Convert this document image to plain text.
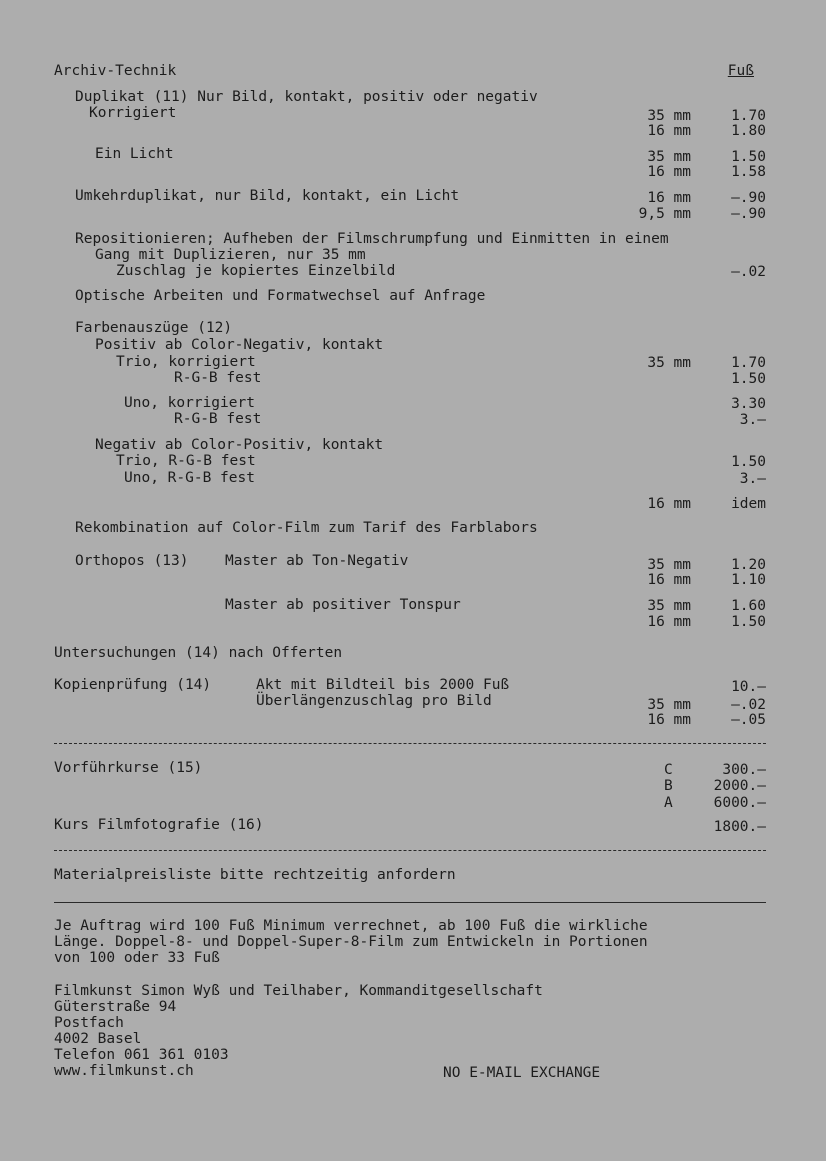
Archiv-Technik	Fuß
Duplikat (11) Nur Bild, kontakt, positiv oder negativ
Korrigiert	35 mm	1.70
16 mm	1.80
Ein Licht	35 mm	1.50
16 mm	1.58
Umkehrduplikat, nur Bild, kontakt, ein Licht	16 mm	—.90
9,5 mm	—.90
Repositionieren; Aufheben der Filmschrumpfung und Einmitten in einem
Gang mit Duplizieren, nur 35 mm
Zuschlag je kopiertes Einzelbild	—.02
Optische Arbeiten und Formatwechsel auf Anfrage
Farbenauszüge (12)
Positiv ab Color-Negativ, kontakt
Trio, korrigiert	35 mm	1.70
R-G-B fest	1.50
Uno, korrigiert	3.30
R-G-B fest	3.—
Negativ ab Color-Positiv, kontakt
Trio, R-G-B fest	1.50
Uno, R-G-B fest	3.—
16 mm	idem
Rekombination auf Color-Film zum Tarif des Farblabors
Orthopos (13)	Master ab Ton-Negativ	35 mm	1.20
16 mm	1.10
Master ab positiver Tonspur	35 mm	1.60
16 mm	1.50
Untersuchungen (14) nach Offerten
Kopienprüfung (14)	Akt mit Bildteil bis 2000 Fuß	10.—
Überlängenzuschlag pro Bild	35 mm	—.02
16 mm	—.05
Vorführkurse (15)	C	300.—
B	2000.—
A	6000.—
Kurs Filmfotografie (16)	1800.—
Materialpreisliste bitte rechtzeitig anfordern
Je Auftrag wird 100 Fuß Minimum verrechnet, ab 100 Fuß die wirkliche
Länge. Doppel-8- und Doppel-Super-8-Film zum Entwickeln in Portionen
von 100 oder 33 Fuß
Filmkunst Simon Wyß und Teilhaber, Kommanditgesellschaft
Güterstraße 94
Postfach
4002 Basel
Telefon 061 361 0103
www.filmkunst.ch	NO E-MAIL EXCHANGE
